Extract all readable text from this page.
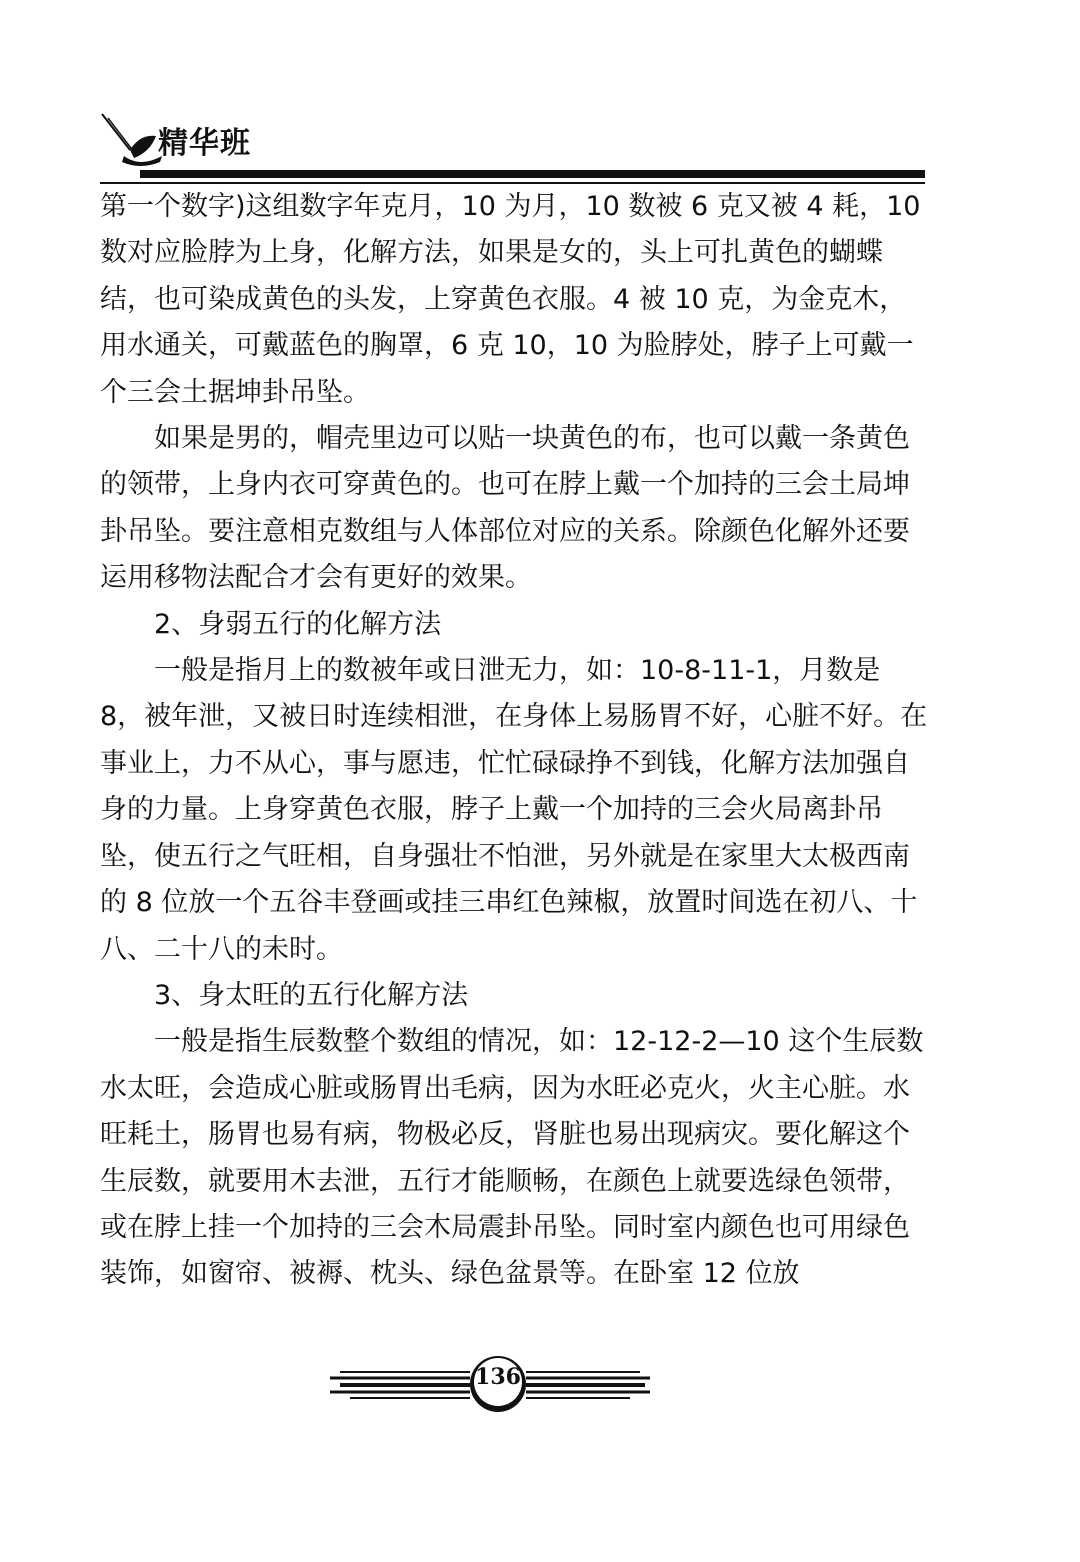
精华班

第一个数字)这组数字年克月，10 为月，10 数被 6 克又被 4 耗，10 数对应脸脖为上身，化解方法，如果是女的，头上可扎黄色的蝴蝶结，也可染成黄色的头发，上穿黄色衣服。4 被 10 克，为金克木，用水通关，可戴蓝色的胸罩，6 克 10，10 为脸脖处，脖子上可戴一个三会土据坤卦吊坠。

如果是男的，帽壳里边可以贴一块黄色的布，也可以戴一条黄色的领带，上身内衣可穿黄色的。也可在脖上戴一个加持的三会土局坤卦吊坠。要注意相克数组与人体部位对应的关系。除颜色化解外还要运用移物法配合才会有更好的效果。

2、身弱五行的化解方法

一般是指月上的数被年或日泄无力，如：10-8-11-1，月数是 8，被年泄，又被日时连续相泄，在身体上易肠胃不好，心脏不好。在事业上，力不从心，事与愿违，忙忙碌碌挣不到钱，化解方法加强自身的力量。上身穿黄色衣服，脖子上戴一个加持的三会火局离卦吊坠，使五行之气旺相，自身强壮不怕泄，另外就是在家里大太极西南的 8 位放一个五谷丰登画或挂三串红色辣椒，放置时间选在初八、十八、二十八的未时。

3、身太旺的五行化解方法

一般是指生辰数整个数组的情况，如：12-12-2—10 这个生辰数水太旺，会造成心脏或肠胃出毛病，因为水旺必克火，火主心脏。水旺耗土，肠胃也易有病，物极必反，肾脏也易出现病灾。要化解这个生辰数，就要用木去泄，五行才能顺畅，在颜色上就要选绿色领带，或在脖上挂一个加持的三会木局震卦吊坠。同时室内颜色也可用绿色装饰，如窗帘、被褥、枕头、绿色盆景等。在卧室 12 位放

136
